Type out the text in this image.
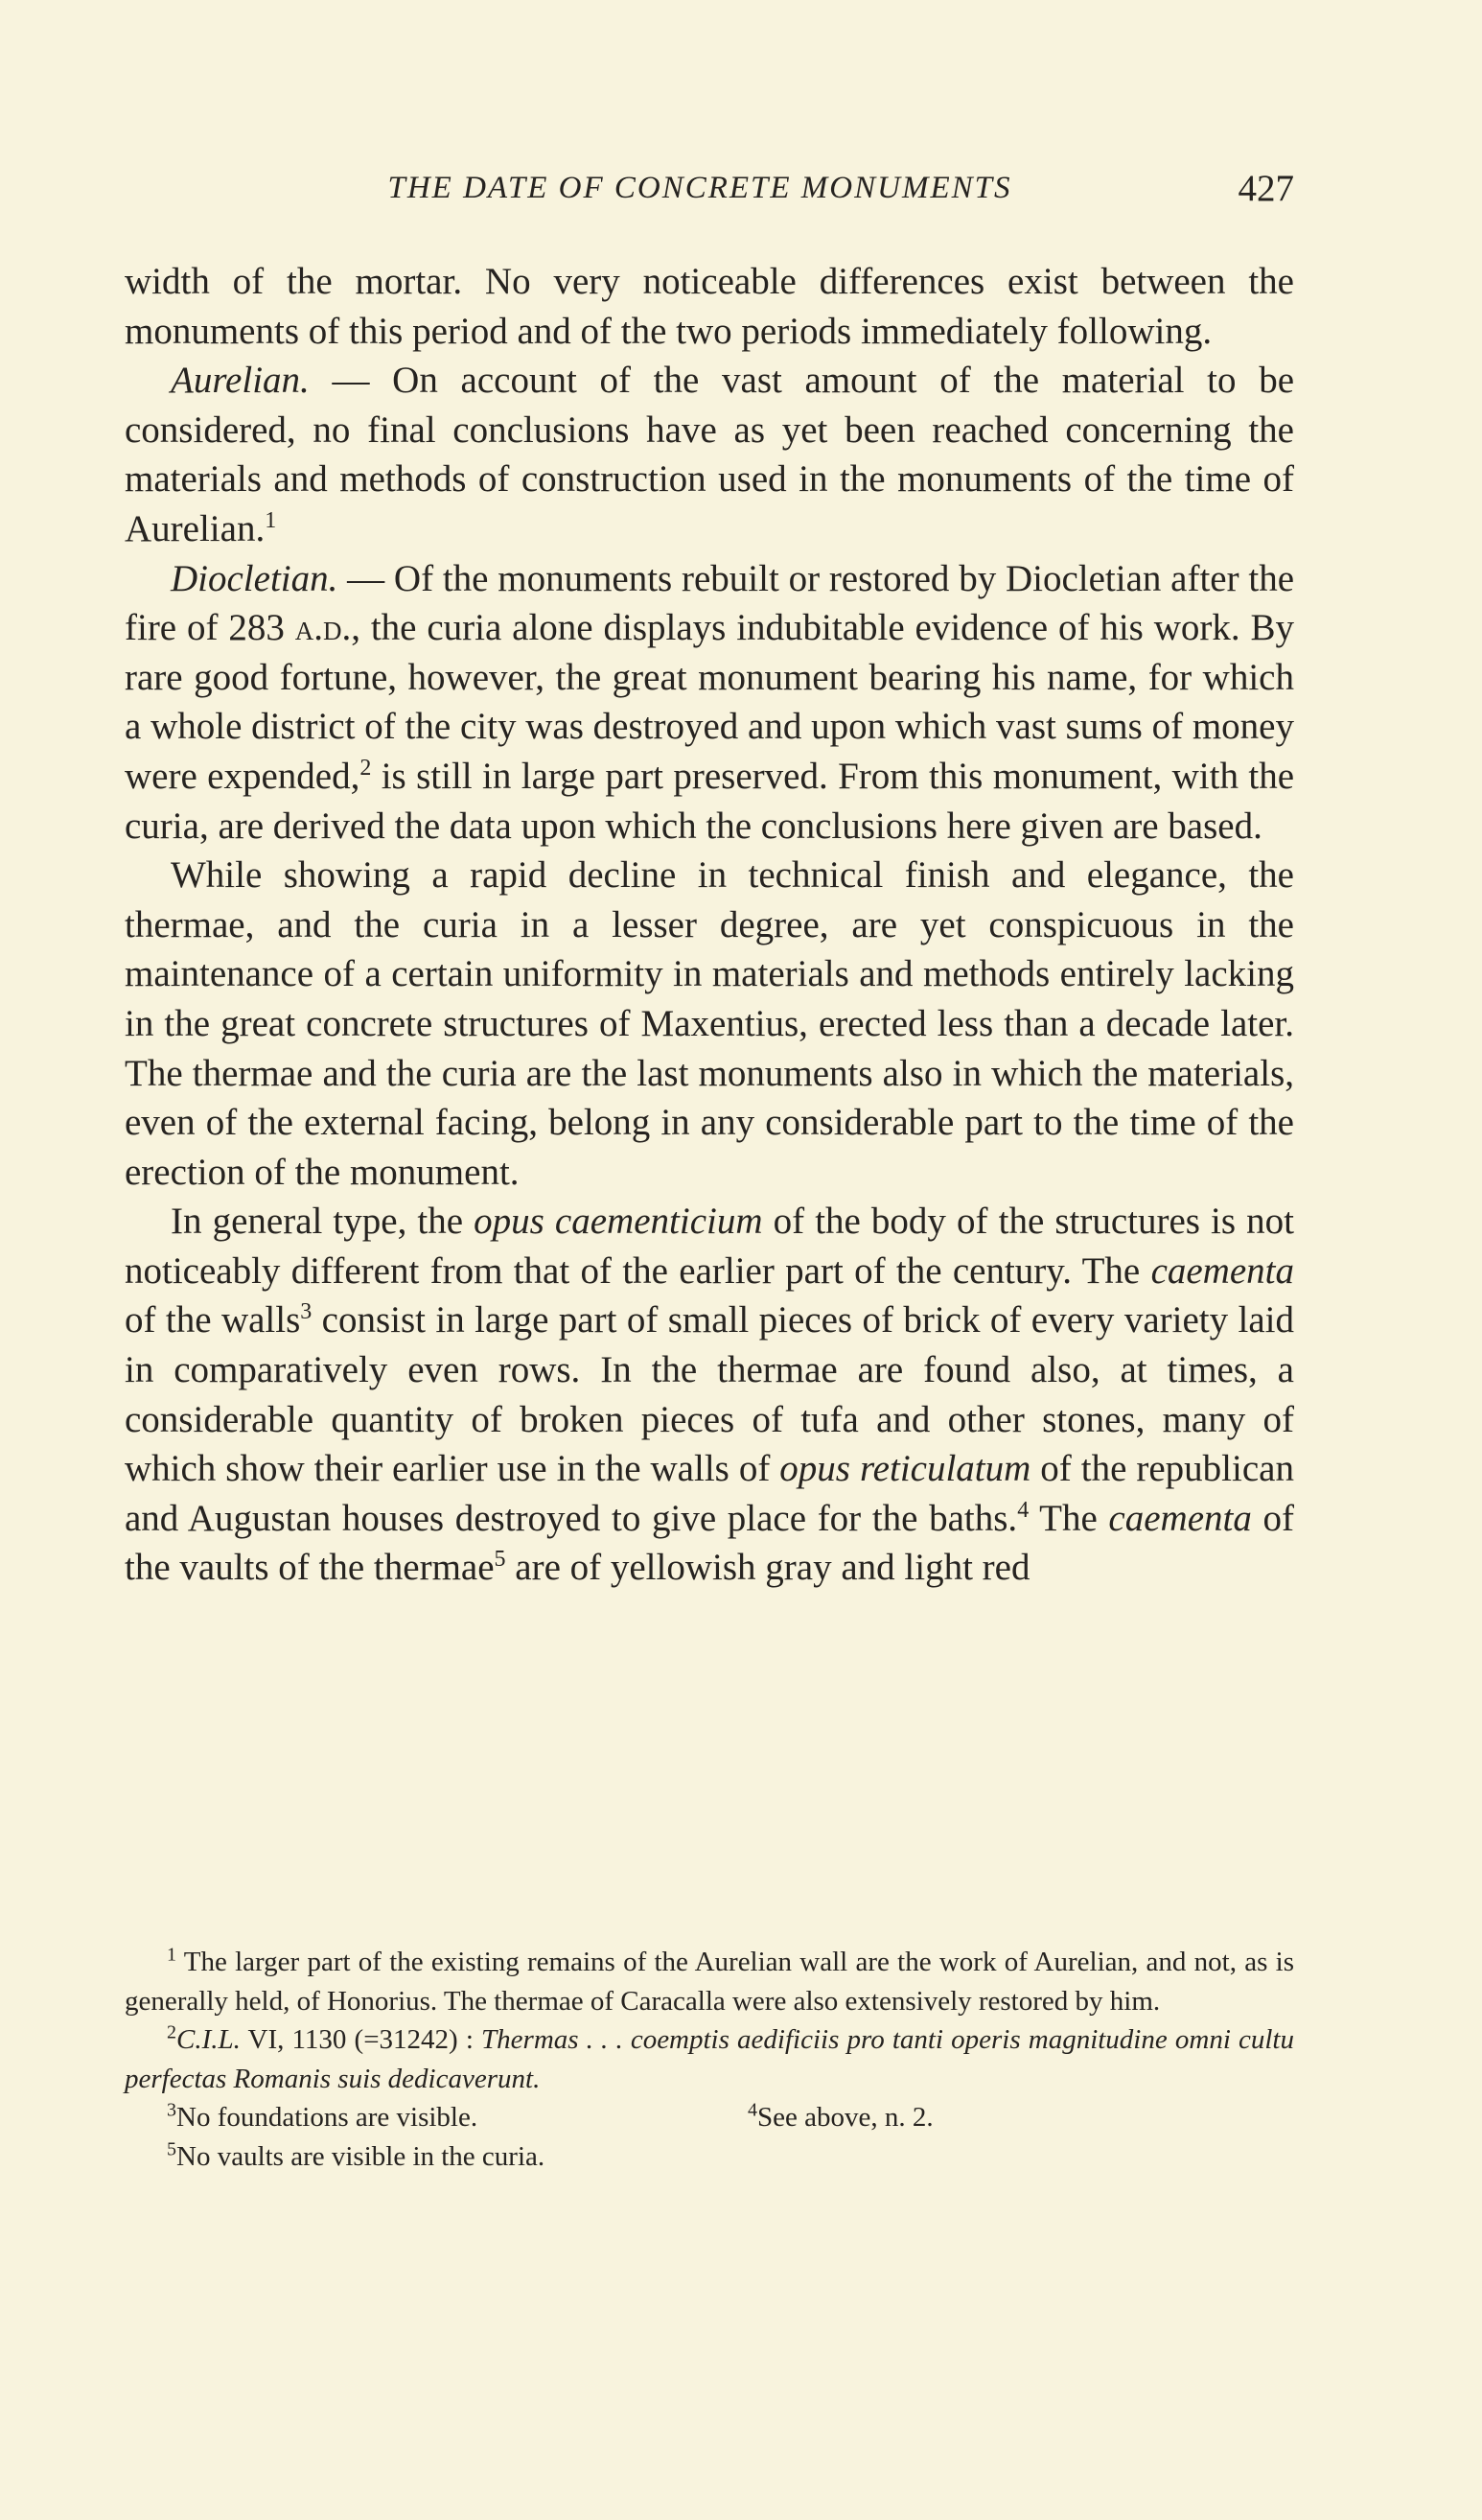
THE DATE OF CONCRETE MONUMENTS	427

width of the mortar. No very noticeable differences exist between the monuments of this period and of the two periods immediately following.

Aurelian. — On account of the vast amount of the material to be considered, no final conclusions have as yet been reached concerning the materials and methods of construction used in the monuments of the time of Aurelian.$^1$

Diocletian. — Of the monuments rebuilt or restored by Diocletian after the fire of 283 a.d., the curia alone displays indubitable evidence of his work. By rare good fortune, however, the great monument bearing his name, for which a whole district of the city was destroyed and upon which vast sums of money were expended,$^2$ is still in large part preserved. From this monument, with the curia, are derived the data upon which the conclusions here given are based.

While showing a rapid decline in technical finish and elegance, the thermae, and the curia in a lesser degree, are yet conspicuous in the maintenance of a certain uniformity in materials and methods entirely lacking in the great concrete structures of Maxentius, erected less than a decade later. The thermae and the curia are the last monuments also in which the materials, even of the external facing, belong in any considerable part to the time of the erection of the monument.

In general type, the opus caementicium of the body of the structures is not noticeably different from that of the earlier part of the century. The caementa of the walls$^3$ consist in large part of small pieces of brick of every variety laid in comparatively even rows. In the thermae are found also, at times, a considerable quantity of broken pieces of tufa and other stones, many of which show their earlier use in the walls of opus reticulatum of the republican and Augustan houses destroyed to give place for the baths.$^4$ The caementa of the vaults of the thermae$^5$ are of yellowish gray and light red

$^1$ The larger part of the existing remains of the Aurelian wall are the work of Aurelian, and not, as is generally held, of Honorius. The thermae of Caracalla were also extensively restored by him.

$^2$C.I.L. VI, 1130 (=31242) : Thermas . . . coemptis aedificiis pro tanti operis magnitudine omni cultu perfectas Romanis suis dedicaverunt.

$^3$No foundations are visible.	$^4$See above, n. 2.

$^5$No vaults are visible in the curia.
